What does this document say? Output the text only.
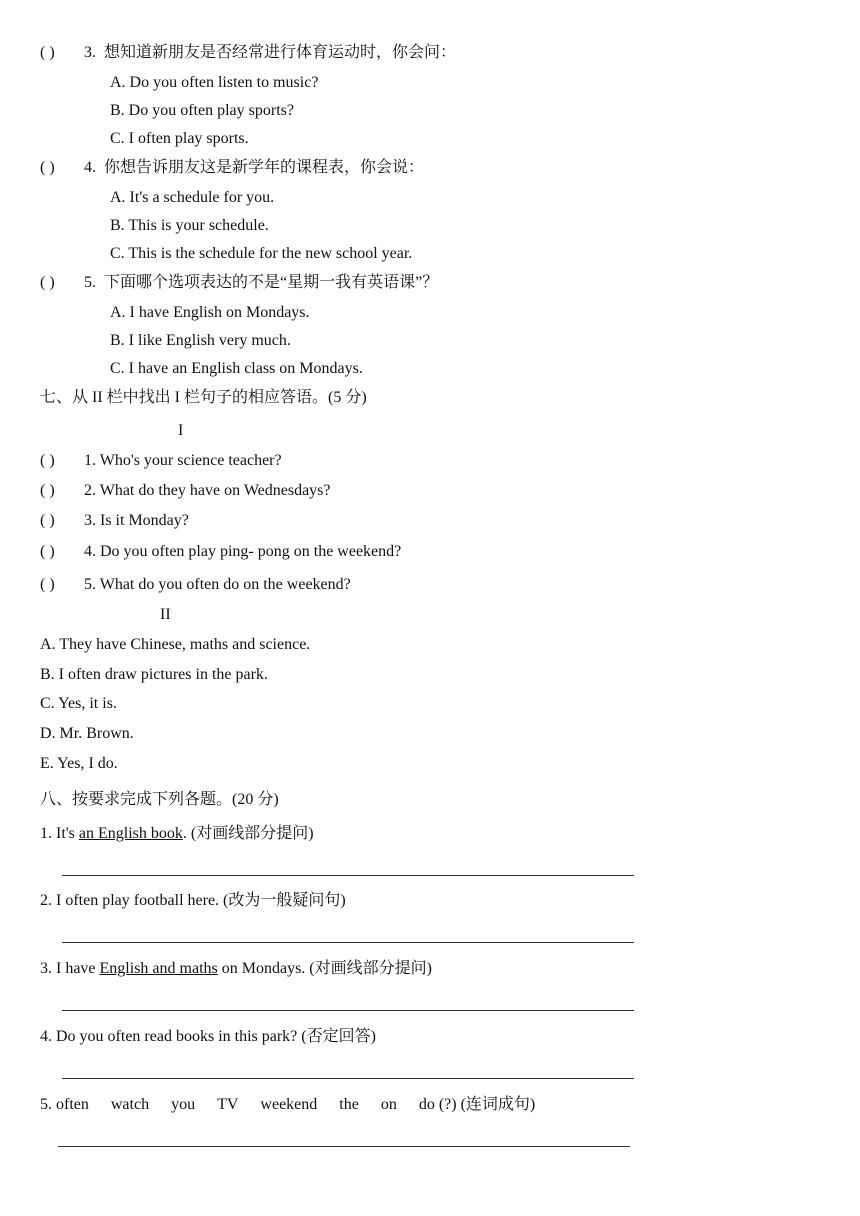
( ) 3. 想知道新朋友是否经常进行体育运动时，你会问：
A. Do you often listen to music?
B. Do you often play sports?
C. I often play sports.
( ) 4. 你想告诉朋友这是新学年的课程表，你会说：
A. It's a schedule for you.
B. This is your schedule.
C. This is the schedule for the new school year.
( ) 5. 下面哪个选项表达的不是“星期一我有英语课”？
A. I have English on Mondays.
B. I like English very much.
C. I have an English class on Mondays.
七、从 II 栏中找出 I 栏句子的相应答语。(5 分)
I
( ) 1. Who's your science teacher?
( ) 2. What do they have on Wednesdays?
( ) 3. Is it Monday?
( ) 4. Do you often play ping- pong on the weekend?
( ) 5. What do you often do on the weekend?
II
A. They have Chinese, maths and science.
B. I often draw pictures in the park.
C. Yes, it is.
D. Mr. Brown.
E. Yes, I do.
八、按要求完成下列各题。(20 分)
1. It's an English book. (对画线部分提问)
2. I often play football here. (改为一般疑问句)
3. I have English and maths on Mondays. (对画线部分提问)
4. Do you often read books in this park? (否定回答)
5. often watch you TV weekend the on do (?) (连词成句)
